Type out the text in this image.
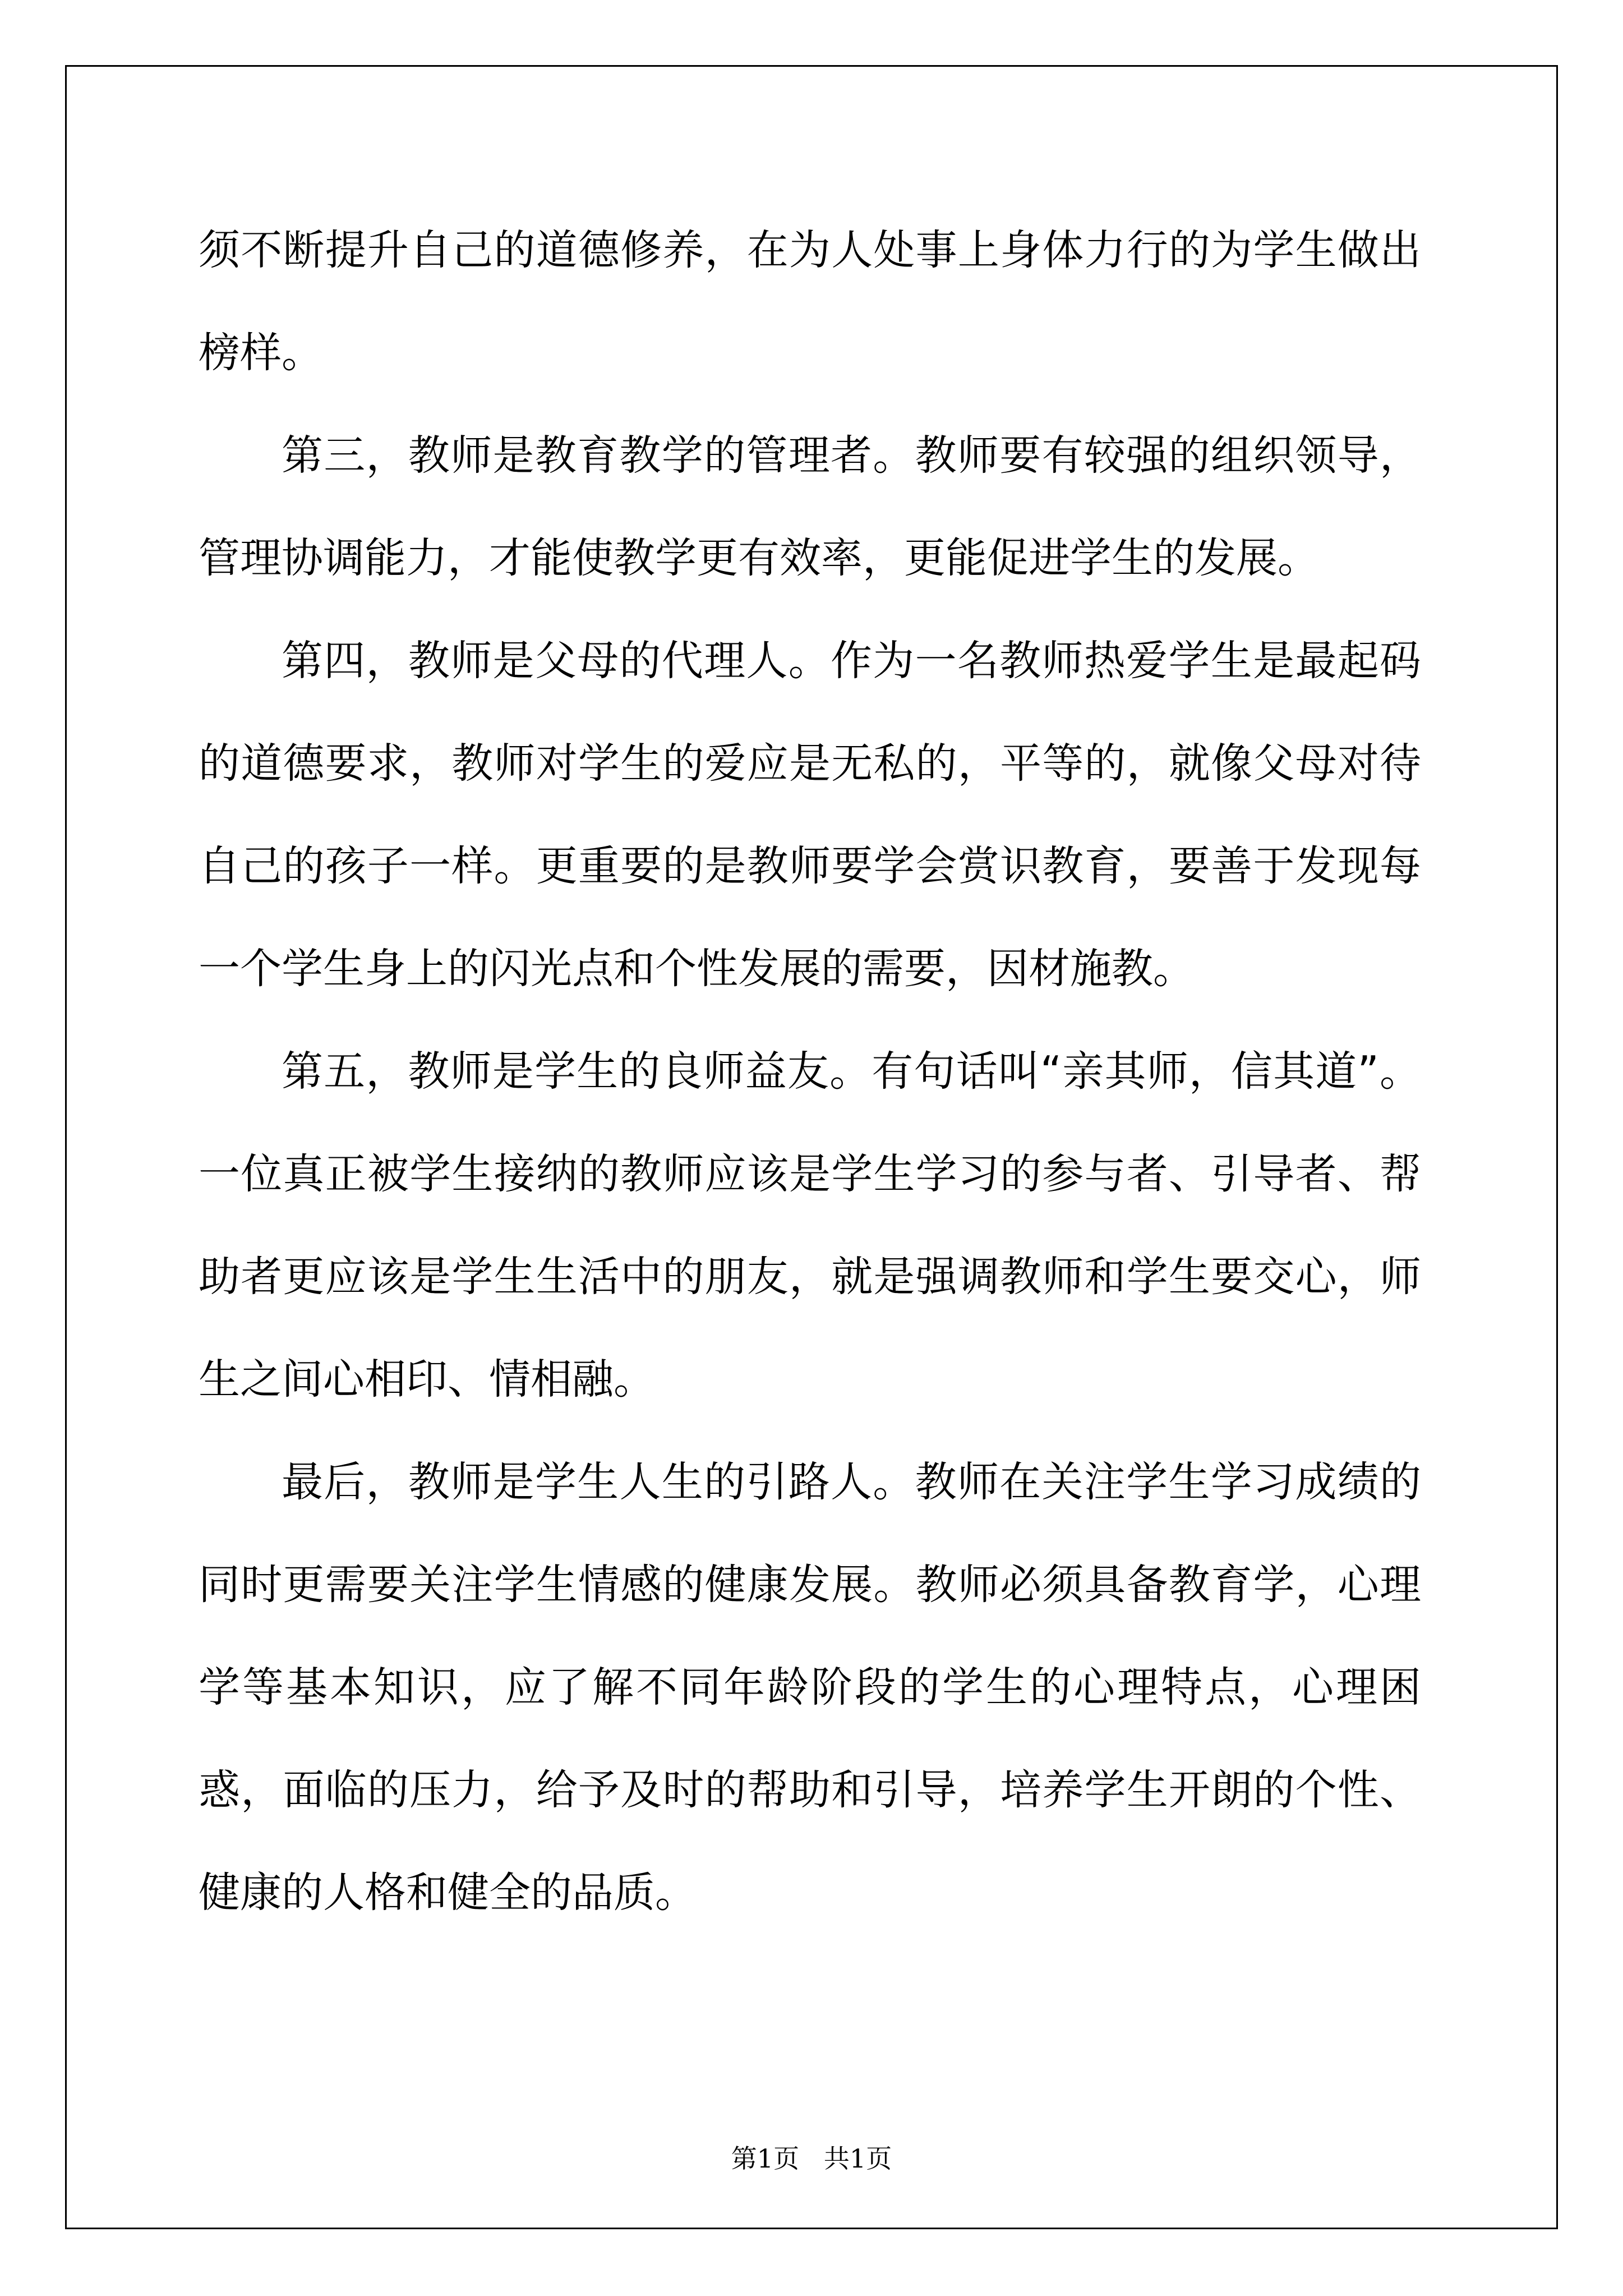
须不断提升自己的道德修养，在为人处事上身体力行的为学生做出榜样。

第三，教师是教育教学的管理者。教师要有较强的组织领导，管理协调能力，才能使教学更有效率，更能促进学生的发展。

第四，教师是父母的代理人。作为一名教师热爱学生是最起码的道德要求，教师对学生的爱应是无私的，平等的，就像父母对待自己的孩子一样。更重要的是教师要学会赏识教育，要善于发现每一个学生身上的闪光点和个性发展的需要，因材施教。

第五，教师是学生的良师益友。有句话叫“亲其师，信其道”。一位真正被学生接纳的教师应该是学生学习的参与者、引导者、帮助者更应该是学生生活中的朋友，就是强调教师和学生要交心，师生之间心相印、情相融。

最后，教师是学生人生的引路人。教师在关注学生学习成绩的同时更需要关注学生情感的健康发展。教师必须具备教育学，心理学等基本知识，应了解不同年龄阶段的学生的心理特点，心理困惑，面临的压力，给予及时的帮助和引导，培养学生开朗的个性、健康的人格和健全的品质。

第1页   共1页
